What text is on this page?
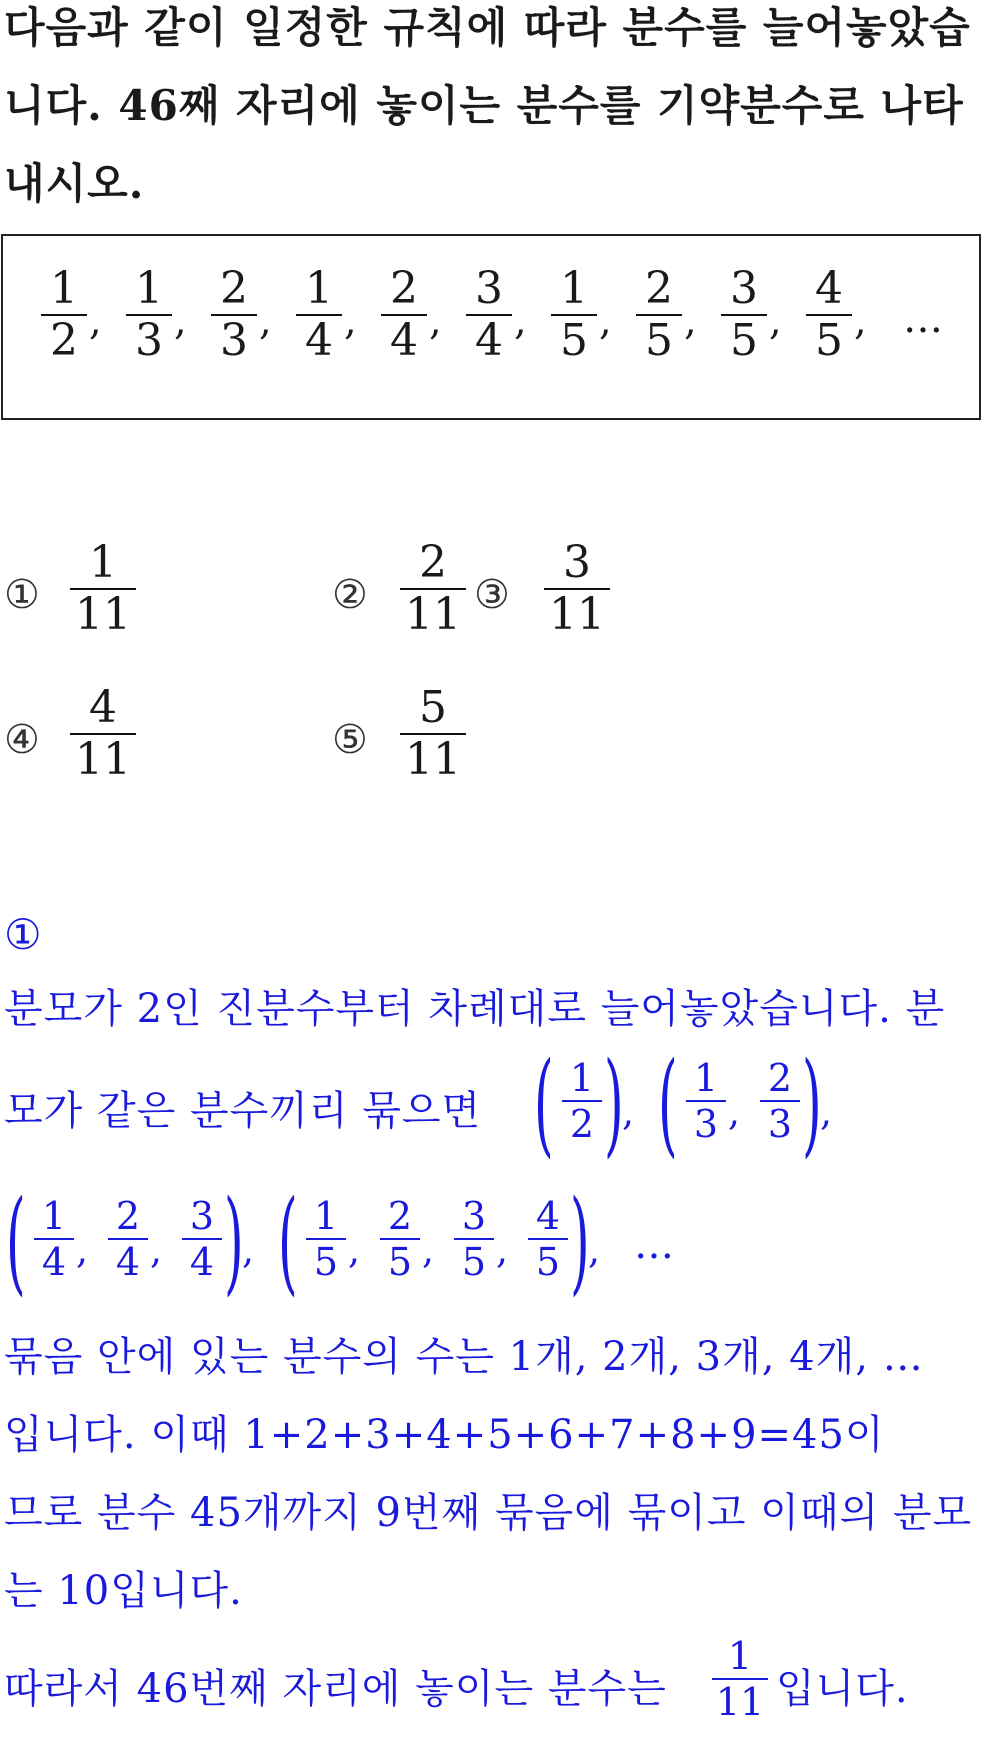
다음과 같이 일정한 규칙에 따라 분수를 늘어놓았습
니다. 46째 자리에 놓이는 분수를 기약분수로 나타
내시오.
1
2 ,
1
3 ,
2
3 ,
1
4 ,
2
4 ,
3
4 ,
1
5 ,
2
5 ,
3
5 ,
4
5 , …
①
1
11	②
2
11 ③
3
11
④
4
11	⑤
5
11
①
분모가 2인 진분수부터 차례대로 늘어놓았습니다. 분
모가 같은 분수끼리 묶으면 ( 1
2 )
, ( 1
3 ,
2
3 )
,
( 1
4 ,
2
4 ,
3
4 )
, ( 1
5 ,
2
5 ,
3
5 ,
4
5 )
, …
묶음 안에 있는 분수의 수는 1개, 2개, 3개, 4개, …
입니다. 이때 1+2+3+4+5+6+7+8+9=45이
므로 분수 45개까지 9번째 묶음에 묶이고 이때의 분모
는 10입니다.
따라서 46번째 자리에 놓이는 분수는
1
11 입니다.
